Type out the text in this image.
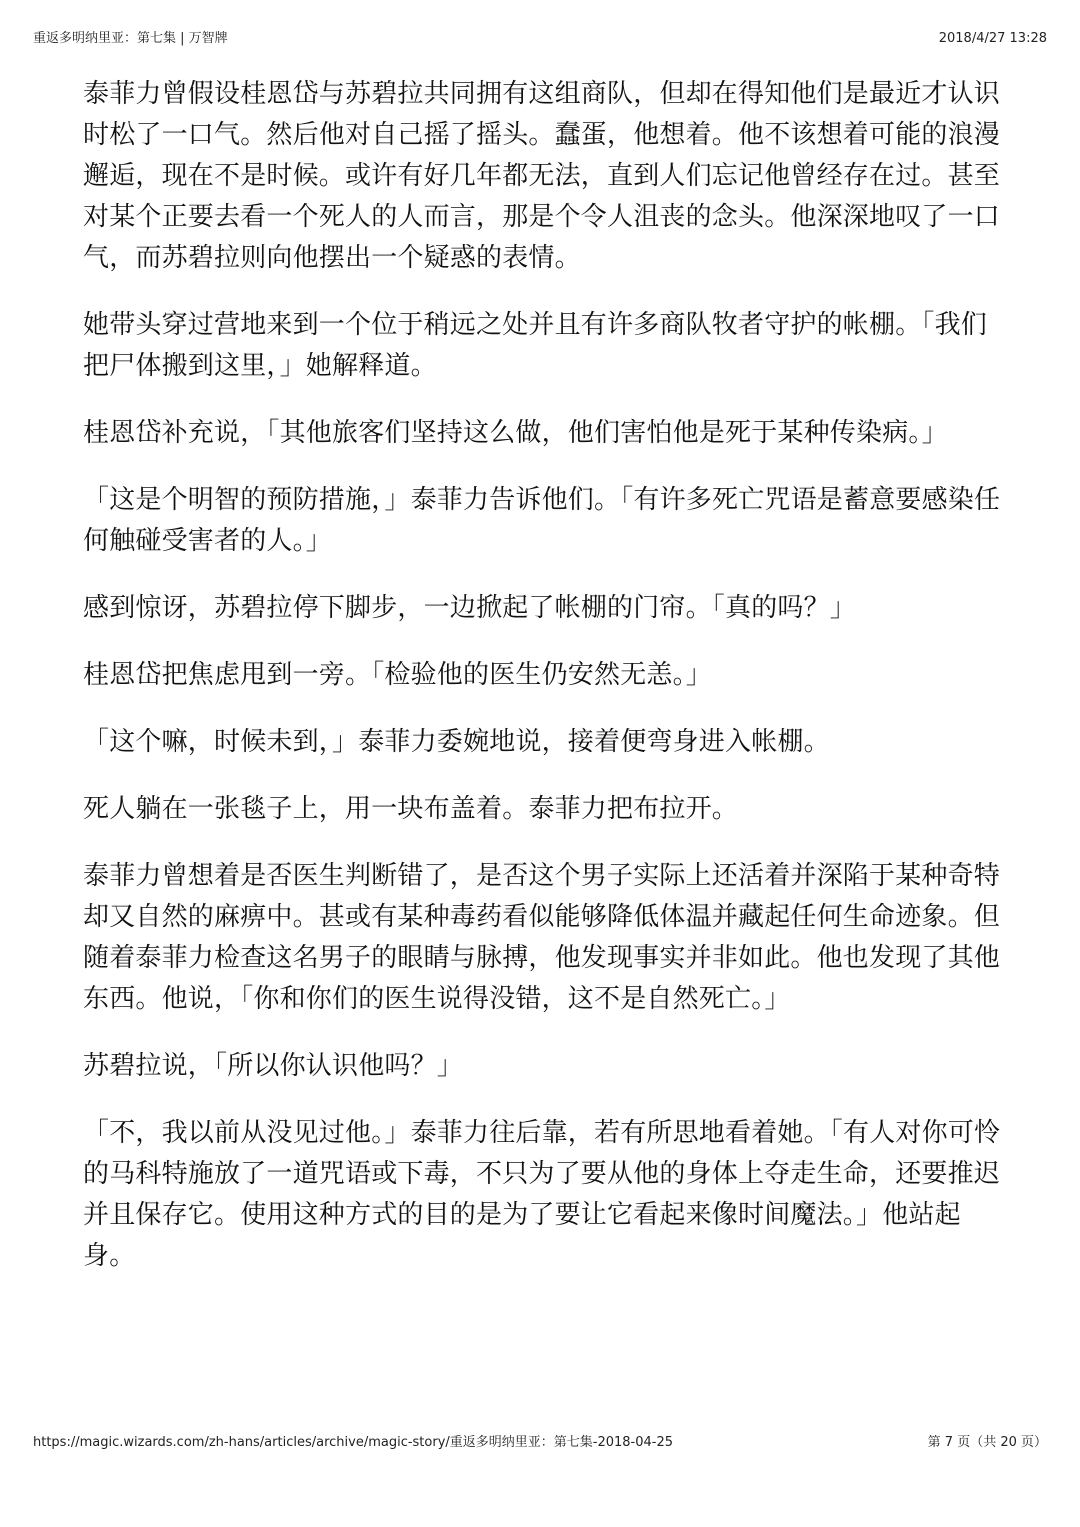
重返多明纳里亚：第七集 | 万智牌	2018/4/27 13:28

泰菲力曾假设桂恩岱与苏碧拉共同拥有这组商队，但却在得知他们是最近才认识时松了一口气。然后他对自己摇了摇头。蠢蛋，他想着。他不该想着可能的浪漫邂逅，现在不是时候。或许有好几年都无法，直到人们忘记他曾经存在过。甚至对某个正要去看一个死人的人而言，那是个令人沮丧的念头。他深深地叹了一口气，而苏碧拉则向他摆出一个疑惑的表情。

她带头穿过营地来到一个位于稍远之处并且有许多商队牧者守护的帐棚。「我们把尸体搬到这里，」她解释道。

桂恩岱补充说，「其他旅客们坚持这么做，他们害怕他是死于某种传染病。」

「这是个明智的预防措施，」泰菲力告诉他们。「有许多死亡咒语是蓄意要感染任何触碰受害者的人。」

感到惊讶，苏碧拉停下脚步，一边掀起了帐棚的门帘。「真的吗？」

桂恩岱把焦虑甩到一旁。「检验他的医生仍安然无恙。」

「这个嘛，时候未到，」泰菲力委婉地说，接着便弯身进入帐棚。

死人躺在一张毯子上，用一块布盖着。泰菲力把布拉开。

泰菲力曾想着是否医生判断错了，是否这个男子实际上还活着并深陷于某种奇特却又自然的麻痹中。甚或有某种毒药看似能够降低体温并藏起任何生命迹象。但随着泰菲力检查这名男子的眼睛与脉搏，他发现事实并非如此。他也发现了其他东西。他说，「你和你们的医生说得没错，这不是自然死亡。」

苏碧拉说，「所以你认识他吗？」

「不，我以前从没见过他。」泰菲力往后靠，若有所思地看着她。「有人对你可怜的马科特施放了一道咒语或下毒，不只为了要从他的身体上夺走生命，还要推迟并且保存它。使用这种方式的目的是为了要让它看起来像时间魔法。」他站起身。

https://magic.wizards.com/zh-hans/articles/archive/magic-story/重返多明纳里亚：第七集-2018-04-25	第 7 页（共 20 页）
